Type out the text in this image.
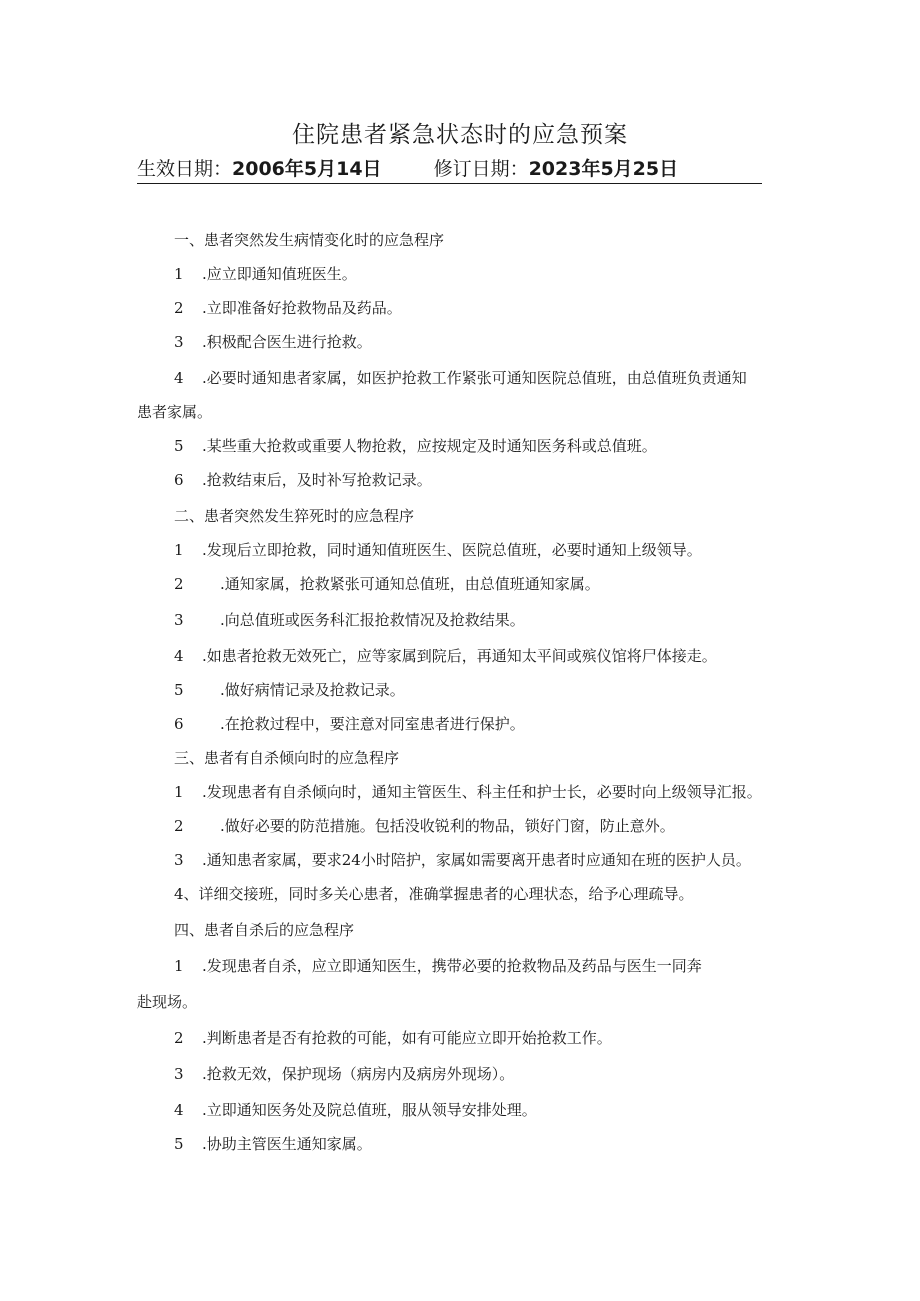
住院患者紧急状态时的应急预案
生效日期： 2006年5月14日	修订日期： 2023年5月25日
一、患者突然发生病情变化时的应急程序
1 .应立即通知值班医生。
2 .立即准备好抢救物品及药品。
3 .积极配合医生进行抢救。
4 .必要时通知患者家属，如医护抢救工作紧张可通知医院总值班，由总值班负责通知
患者家属。
5 .某些重大抢救或重要人物抢救，应按规定及时通知医务科或总值班。
6 .抢救结束后，及时补写抢救记录。
二、患者突然发生猝死时的应急程序
1 .发现后立即抢救，同时通知值班医生、医院总值班，必要时通知上级领导。
2 .通知家属，抢救紧张可通知总值班，由总值班通知家属。
3 .向总值班或医务科汇报抢救情况及抢救结果。
4 .如患者抢救无效死亡，应等家属到院后，再通知太平间或殡仪馆将尸体接走。
5 .做好病情记录及抢救记录。
6 .在抢救过程中，要注意对同室患者进行保护。
三、患者有自杀倾向时的应急程序
1 .发现患者有自杀倾向时，通知主管医生、科主任和护士长，必要时向上级领导汇报。
2 .做好必要的防范措施。包括没收锐利的物品，锁好门窗，防止意外。
3 .通知患者家属，要求24小时陪护，家属如需要离开患者时应通知在班的医护人员。
4、详细交接班，同时多关心患者，准确掌握患者的心理状态，给予心理疏导。
四、患者自杀后的应急程序
1 .发现患者自杀，应立即通知医生，携带必要的抢救物品及药品与医生一同奔
赴现场。
2 .判断患者是否有抢救的可能，如有可能应立即开始抢救工作。
3 .抢救无效，保护现场（病房内及病房外现场）。
4 .立即通知医务处及院总值班，服从领导安排处理。
5 .协助主管医生通知家属。
